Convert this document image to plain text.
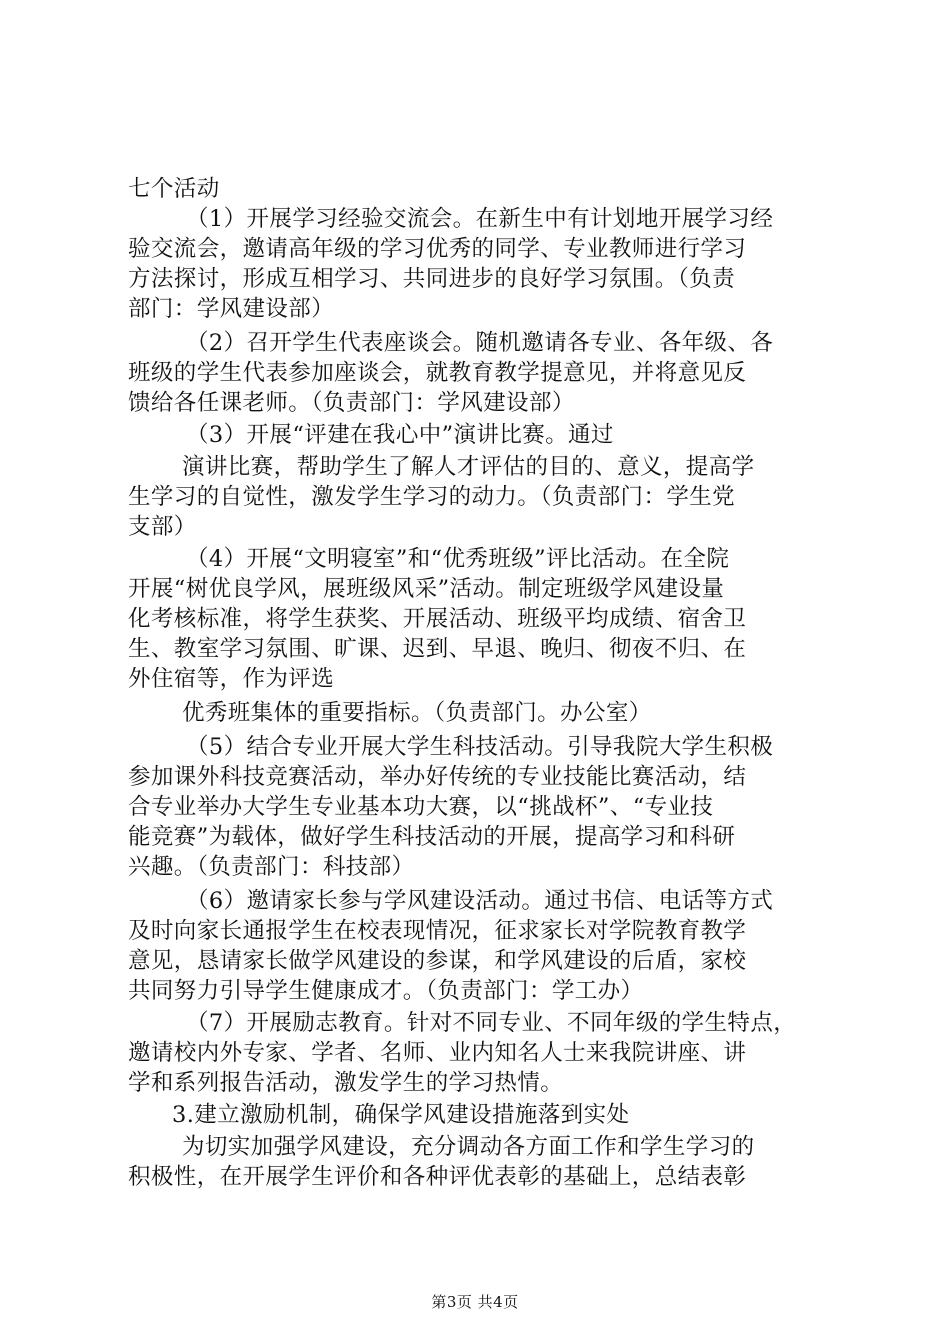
七个活动
（1）开展学习经验交流会。在新生中有计划地开展学习经
验交流会，邀请高年级的学习优秀的同学、专业教师进行学习
方法探讨，形成互相学习、共同进步的良好学习氛围。（负责
部门：学风建设部）
（2）召开学生代表座谈会。随机邀请各专业、各年级、各
班级的学生代表参加座谈会，就教育教学提意见，并将意见反
馈给各任课老师。（负责部门：学风建设部）
（3）开展“评建在我心中”演讲比赛。通过
演讲比赛，帮助学生了解人才评估的目的、意义，提高学
生学习的自觉性，激发学生学习的动力。（负责部门：学生党
支部）
（4）开展“文明寝室”和“优秀班级”评比活动。在全院
开展“树优良学风，展班级风采”活动。制定班级学风建设量
化考核标准，将学生获奖、开展活动、班级平均成绩、宿舍卫
生、教室学习氛围、旷课、迟到、早退、晚归、彻夜不归、在
外住宿等，作为评选
优秀班集体的重要指标。（负责部门。办公室）
（5）结合专业开展大学生科技活动。引导我院大学生积极
参加课外科技竞赛活动，举办好传统的专业技能比赛活动，结
合专业举办大学生专业基本功大赛，以“挑战杯”、“专业技
能竞赛”为载体，做好学生科技活动的开展，提高学习和科研
兴趣。（负责部门：科技部）
（6）邀请家长参与学风建设活动。通过书信、电话等方式
及时向家长通报学生在校表现情况，征求家长对学院教育教学
意见，恳请家长做学风建设的参谋，和学风建设的后盾，家校
共同努力引导学生健康成才。（负责部门：学工办）
（7）开展励志教育。针对不同专业、不同年级的学生特点，
邀请校内外专家、学者、名师、业内知名人士来我院讲座、讲
学和系列报告活动，激发学生的学习热情。
3.建立激励机制，确保学风建设措施落到实处
为切实加强学风建设，充分调动各方面工作和学生学习的
积极性，在开展学生评价和各种评优表彰的基础上，总结表彰
第3页 共4页
